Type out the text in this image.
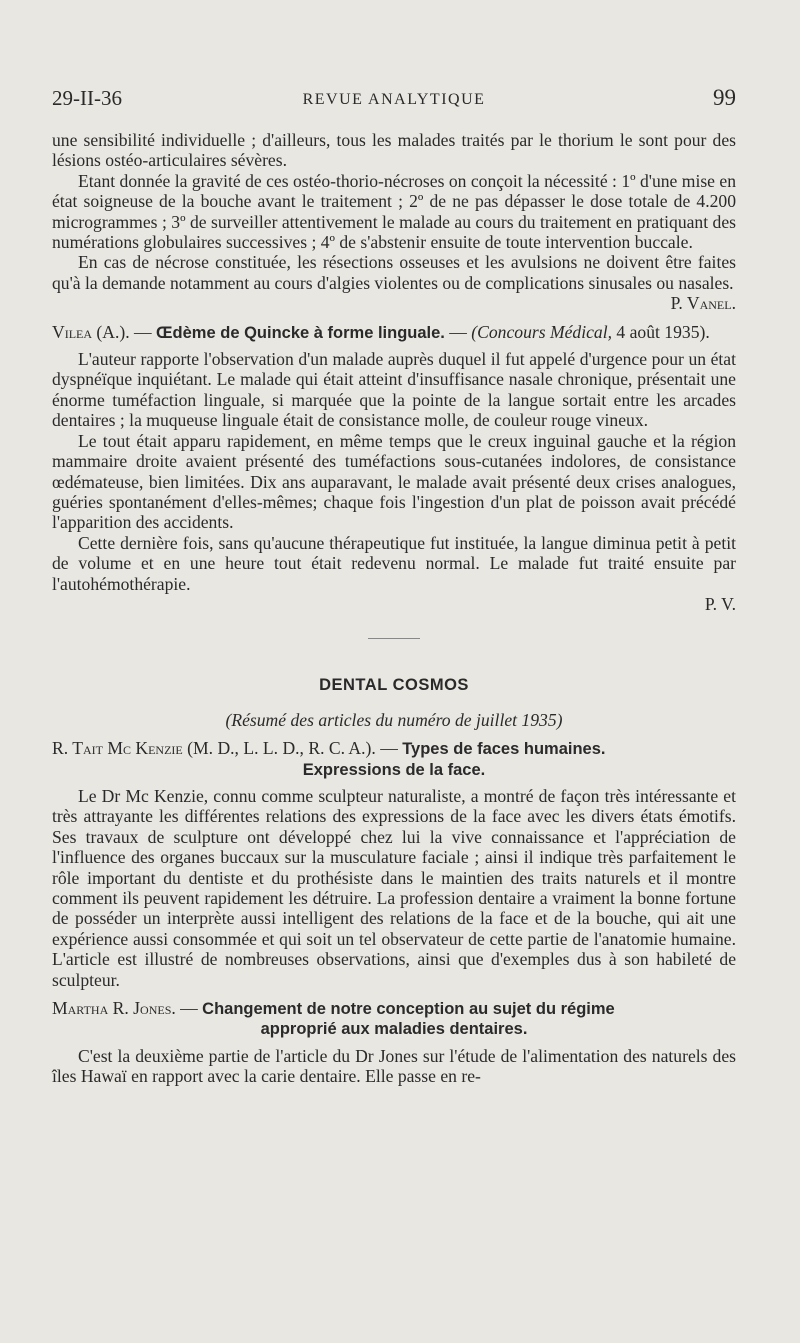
29-II-36	REVUE ANALYTIQUE	99

une sensibilité individuelle ; d'ailleurs, tous les malades traités par le thorium le sont pour des lésions ostéo-articulaires sévères.

Etant donnée la gravité de ces ostéo-thorio-nécroses on conçoit la nécessité : 1º d'une mise en état soigneuse de la bouche avant le traitement ; 2º de ne pas dépasser le dose totale de 4.200 microgrammes ; 3º de surveiller attentivement le malade au cours du traitement en pratiquant des numérations globulaires successives ; 4º de s'abstenir ensuite de toute intervention buccale.

En cas de nécrose constituée, les résections osseuses et les avulsions ne doivent être faites qu'à la demande notamment au cours d'algies violentes ou de complications sinusales ou nasales.

P. Vanel.

Vilea (A.). — Œdème de Quincke à forme linguale. — (Concours Médical, 4 août 1935).

L'auteur rapporte l'observation d'un malade auprès duquel il fut appelé d'urgence pour un état dyspnéïque inquiétant. Le malade qui était atteint d'insuffisance nasale chronique, présentait une énorme tuméfaction linguale, si marquée que la pointe de la langue sortait entre les arcades dentaires ; la muqueuse linguale était de consistance molle, de couleur rouge vineux.

Le tout était apparu rapidement, en même temps que le creux inguinal gauche et la région mammaire droite avaient présenté des tuméfactions sous-cutanées indolores, de consistance œdémateuse, bien limitées. Dix ans auparavant, le malade avait présenté deux crises analogues, guéries spontanément d'elles-mêmes; chaque fois l'ingestion d'un plat de poisson avait précédé l'apparition des accidents.

Cette dernière fois, sans qu'aucune thérapeutique fut instituée, la langue diminua petit à petit de volume et en une heure tout était redevenu normal. Le malade fut traité ensuite par l'autohémothérapie.

P. V.

DENTAL COSMOS

(Résumé des articles du numéro de juillet 1935)

R. Tait Mc Kenzie (M. D., L. L. D., R. C. A.). — Types de faces humaines.
Expressions de la face.

Le Dr Mc Kenzie, connu comme sculpteur naturaliste, a montré de façon très intéressante et très attrayante les différentes relations des expressions de la face avec les divers états émotifs. Ses travaux de sculpture ont développé chez lui la vive connaissance et l'appréciation de l'influence des organes buccaux sur la musculature faciale ; ainsi il indique très parfaitement le rôle important du dentiste et du prothésiste dans le maintien des traits naturels et il montre comment ils peuvent rapidement les détruire. La profession dentaire a vraiment la bonne fortune de posséder un interprète aussi intelligent des relations de la face et de la bouche, qui ait une expérience aussi consommée et qui soit un tel observateur de cette partie de l'anatomie humaine. L'article est illustré de nombreuses observations, ainsi que d'exemples dus à son habileté de sculpteur.

Martha R. Jones. — Changement de notre conception au sujet du régime
approprié aux maladies dentaires.

C'est la deuxième partie de l'article du Dr Jones sur l'étude de l'alimentation des naturels des îles Hawaï en rapport avec la carie dentaire. Elle passe en re-
